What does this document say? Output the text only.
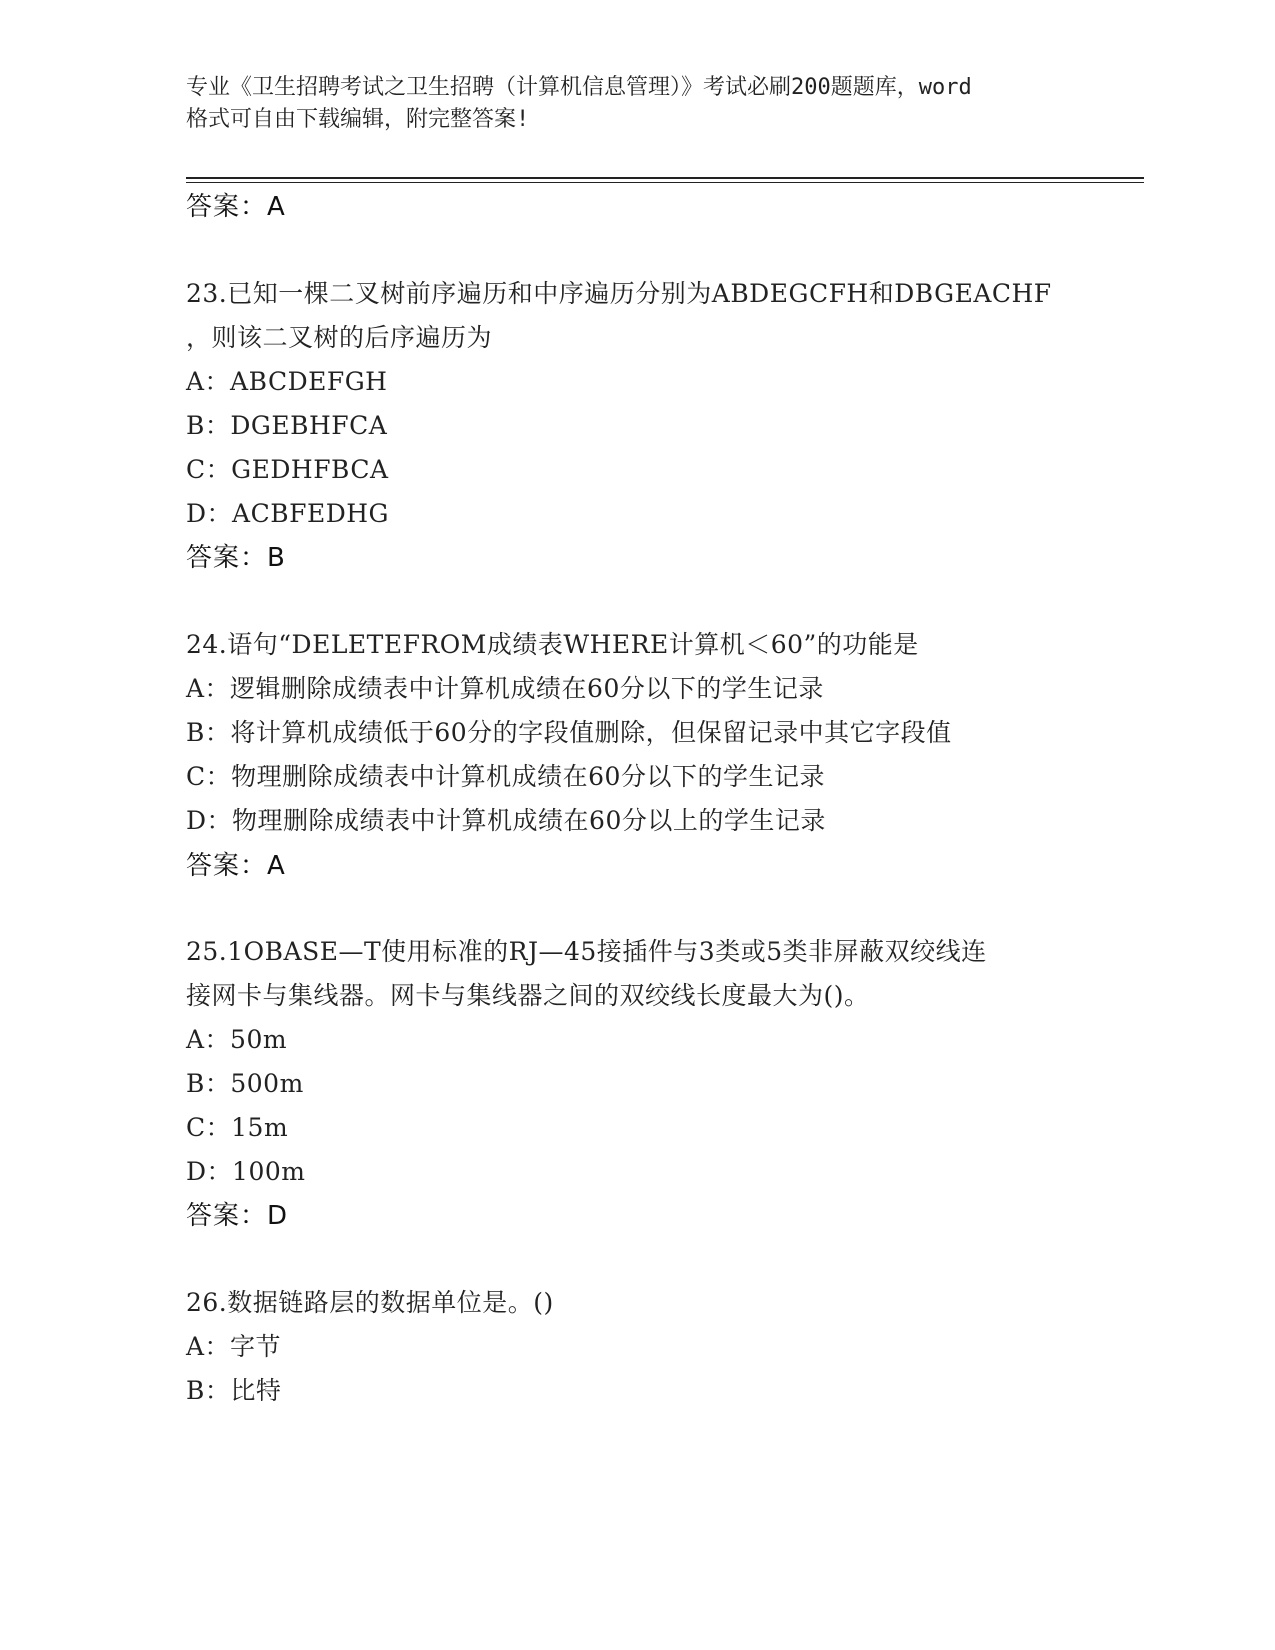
专业《卫生招聘考试之卫生招聘（计算机信息管理）》考试必刷200题题库，word
格式可自由下载编辑，附完整答案!
答案：A
23.已知一棵二叉树前序遍历和中序遍历分别为ABDEGCFH和DBGEACHF
，则该二叉树的后序遍历为
A：ABCDEFGH
B：DGEBHFCA
C：GEDHFBCA
D：ACBFEDHG
答案：B
24.语句“DELETEFROM成绩表WHERE计算机＜60”的功能是
A：逻辑删除成绩表中计算机成绩在60分以下的学生记录
B：将计算机成绩低于60分的字段值删除，但保留记录中其它字段值
C：物理删除成绩表中计算机成绩在60分以下的学生记录
D：物理删除成绩表中计算机成绩在60分以上的学生记录
答案：A
25.1OBASE—T使用标准的RJ—45接插件与3类或5类非屏蔽双绞线连
接网卡与集线器。网卡与集线器之间的双绞线长度最大为()。
A：50m
B：500m
C：15m
D：100m
答案：D
26.数据链路层的数据单位是。()
A：字节
B：比特
